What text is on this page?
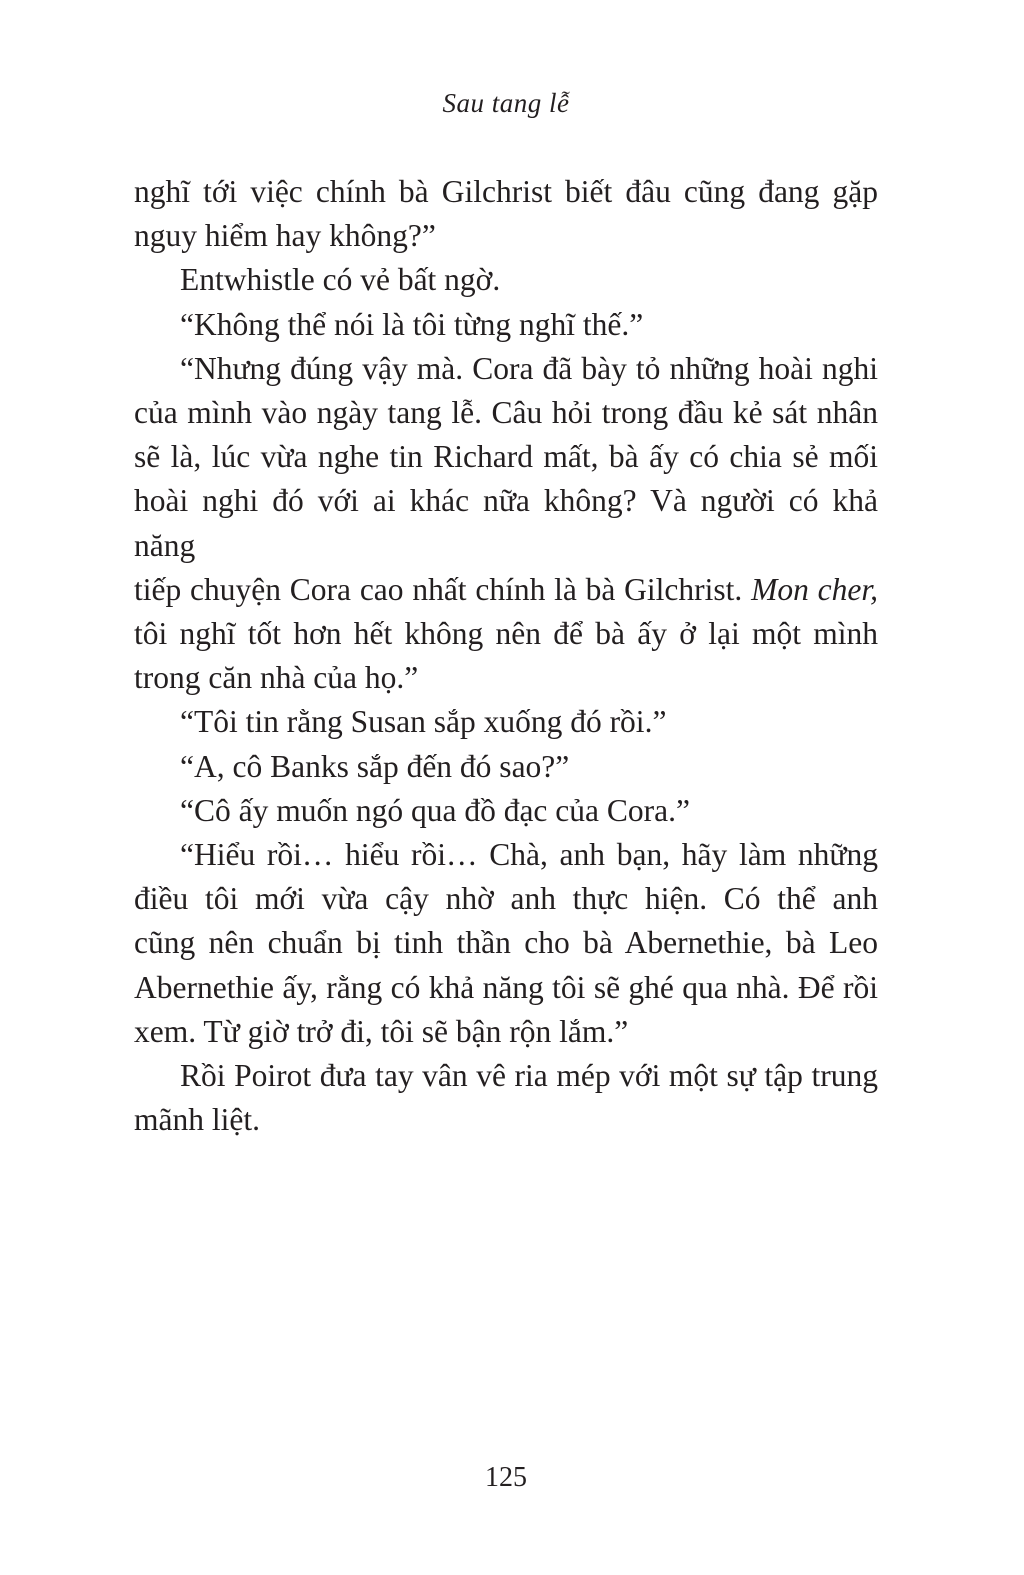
Sau tang lễ

nghĩ tới việc chính bà Gilchrist biết đâu cũng đang gặp
nguy hiểm hay không?”

Entwhistle có vẻ bất ngờ.

“Không thể nói là tôi từng nghĩ thế.”

“Nhưng đúng vậy mà. Cora đã bày tỏ những hoài nghi
của mình vào ngày tang lễ. Câu hỏi trong đầu kẻ sát nhân
sẽ là, lúc vừa nghe tin Richard mất, bà ấy có chia sẻ mối
hoài nghi đó với ai khác nữa không? Và người có khả năng
tiếp chuyện Cora cao nhất chính là bà Gilchrist. Mon cher,
tôi nghĩ tốt hơn hết không nên để bà ấy ở lại một mình
trong căn nhà của họ.”

“Tôi tin rằng Susan sắp xuống đó rồi.”

“A, cô Banks sắp đến đó sao?”

“Cô ấy muốn ngó qua đồ đạc của Cora.”

“Hiểu rồi… hiểu rồi… Chà, anh bạn, hãy làm những
điều tôi mới vừa cậy nhờ anh thực hiện. Có thể anh
cũng nên chuẩn bị tinh thần cho bà Abernethie, bà Leo
Abernethie ấy, rằng có khả năng tôi sẽ ghé qua nhà. Để rồi
xem. Từ giờ trở đi, tôi sẽ bận rộn lắm.”

Rồi Poirot đưa tay vân vê ria mép với một sự tập trung
mãnh liệt.

125
